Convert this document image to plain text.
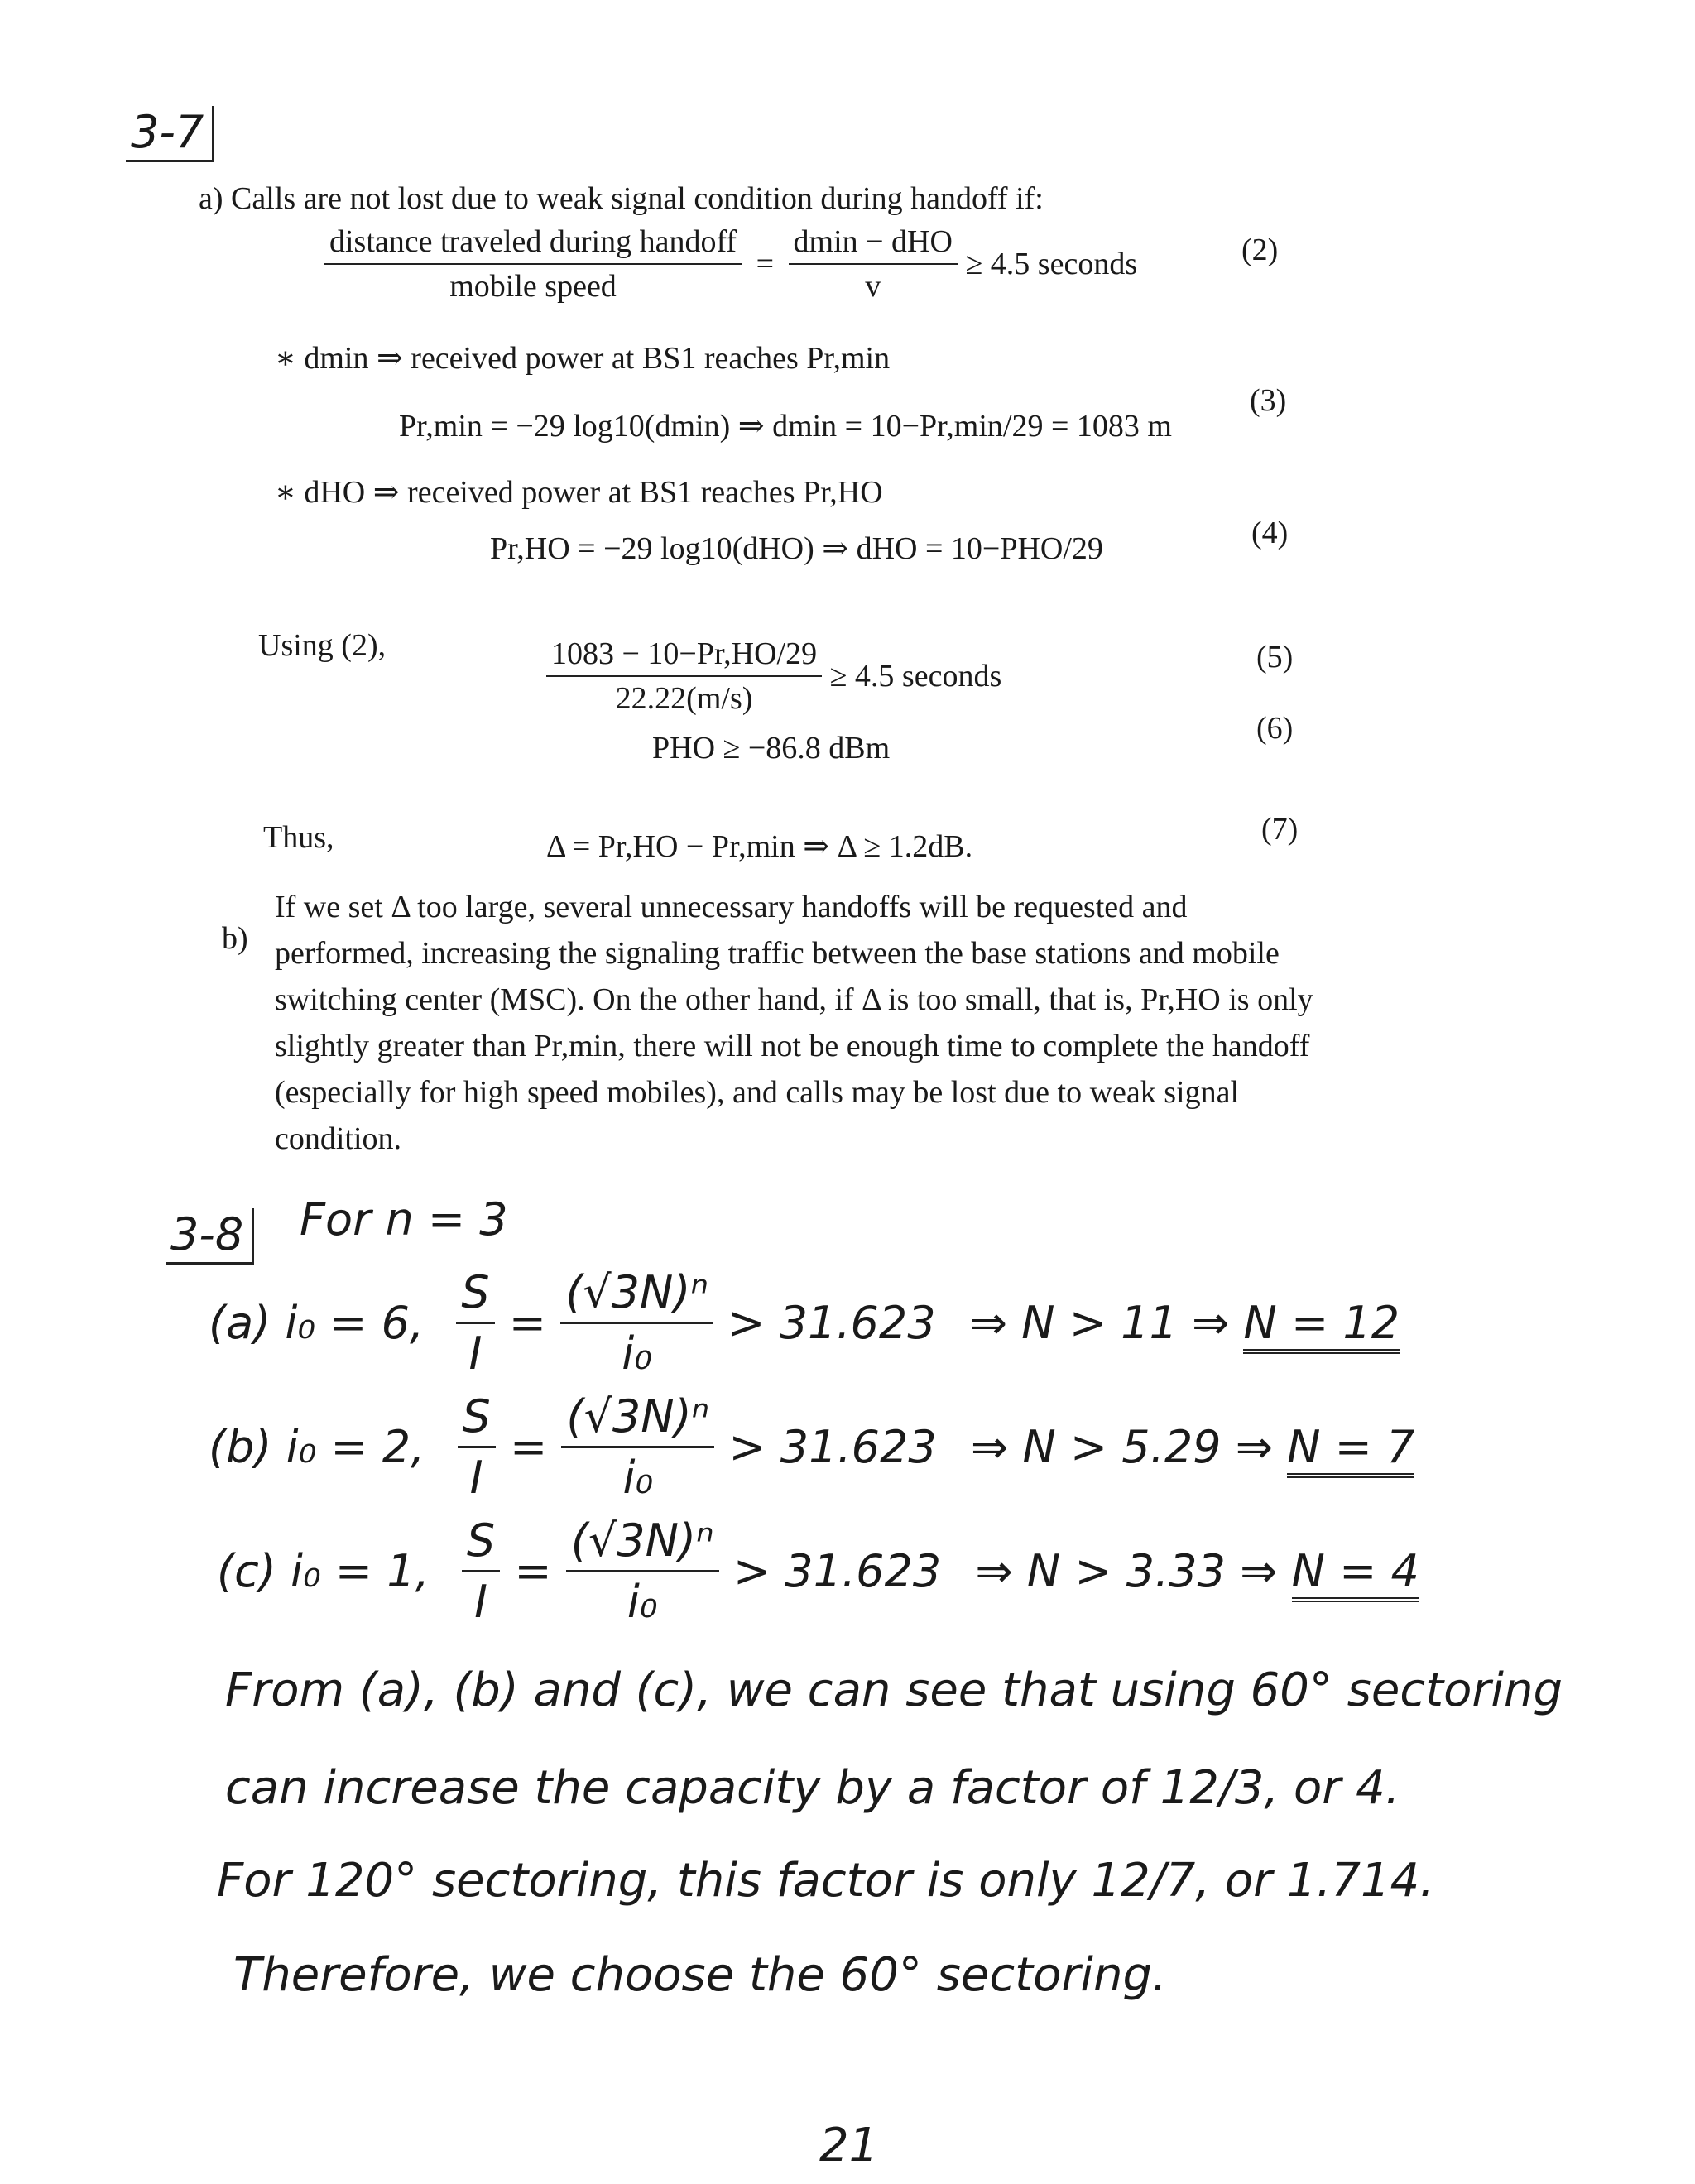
3-7
a) Calls are not lost due to weak signal condition during handoff if:
$\frac{\text{distance traveled during handoff}}{\text{mobile speed}} = \frac{\text{dmin − dHO}}{v} \ge 4.5$ seconds	(2)
∗ dmin ⇒ received power at BS1 reaches Pr,min
Pr,min = −29 log10(dmin) ⇒ dmin = 10−Pr,min/29 = 1083 m
(3)
∗ dHO ⇒ received power at BS1 reaches Pr,HO
Pr,HO = −29 log10(dHO) ⇒ dHO = 10−PHO/29	(4)
Using (2),	$\frac{1083 - 10-Pr,HO/29}{22.22(m/s)} \ge 4.5$ seconds
(5)
PHO ≥ −86.8 dBm
(6)
Thus,	Δ = Pr,HO − Pr,min ⇒ Δ ≥ 1.2dB.	(7)
b)
If we set Δ too large, several unnecessary handoffs will be requested and performed, increasing the signaling traffic between the base stations and mobile switching center (MSC). On the other hand, if Δ is too small, that is, Pr,HO is only slightly greater than Pr,min, there will not be enough time to complete the handoff (especially for high speed mobiles), and calls may be lost due to weak signal condition.
3-8 For n = 3
(a) i₀ = 6, $\frac{S}{I} = \frac{\text{(√3N)ⁿ}}{\text{i₀}} > 31.623$ ⇒ N > 11 ⇒ N = 12
(b) i₀ = 2, $\frac{S}{I} = \frac{\text{(√3N)ⁿ}}{\text{i₀}} > 31.623$ ⇒ N > 5.29 ⇒ N = 7
(c) i₀ = 1, $\frac{S}{I} = \frac{\text{(√3N)ⁿ}}{\text{i₀}} > 31.623$ ⇒ N > 3.33 ⇒ N = 4
From (a), (b) and (c), we can see that using 60° sectoring
can increase the capacity by a factor of 12/3, or 4.
For 120° sectoring, this factor is only 12/7, or 1.714.
Therefore, we choose the 60° sectoring.
21
